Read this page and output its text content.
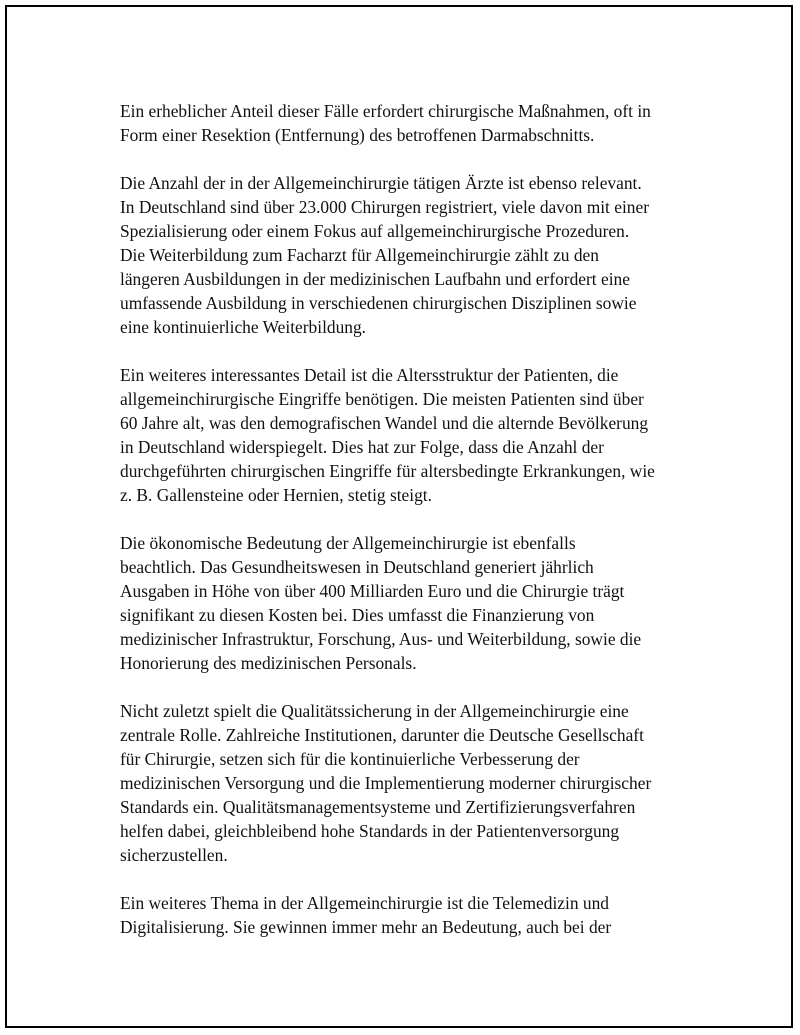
Ein erheblicher Anteil dieser Fälle erfordert chirurgische Maßnahmen, oft in
Form einer Resektion (Entfernung) des betroffenen Darmabschnitts.

Die Anzahl der in der Allgemeinchirurgie tätigen Ärzte ist ebenso relevant.
In Deutschland sind über 23.000 Chirurgen registriert, viele davon mit einer
Spezialisierung oder einem Fokus auf allgemeinchirurgische Prozeduren.
Die Weiterbildung zum Facharzt für Allgemeinchirurgie zählt zu den
längeren Ausbildungen in der medizinischen Laufbahn und erfordert eine
umfassende Ausbildung in verschiedenen chirurgischen Disziplinen sowie
eine kontinuierliche Weiterbildung.

Ein weiteres interessantes Detail ist die Altersstruktur der Patienten, die
allgemeinchirurgische Eingriffe benötigen. Die meisten Patienten sind über
60 Jahre alt, was den demografischen Wandel und die alternde Bevölkerung
in Deutschland widerspiegelt. Dies hat zur Folge, dass die Anzahl der
durchgeführten chirurgischen Eingriffe für altersbedingte Erkrankungen, wie
z. B. Gallensteine oder Hernien, stetig steigt.

Die ökonomische Bedeutung der Allgemeinchirurgie ist ebenfalls
beachtlich. Das Gesundheitswesen in Deutschland generiert jährlich
Ausgaben in Höhe von über 400 Milliarden Euro und die Chirurgie trägt
signifikant zu diesen Kosten bei. Dies umfasst die Finanzierung von
medizinischer Infrastruktur, Forschung, Aus- und Weiterbildung, sowie die
Honorierung des medizinischen Personals.

Nicht zuletzt spielt die Qualitätssicherung in der Allgemeinchirurgie eine
zentrale Rolle. Zahlreiche Institutionen, darunter die Deutsche Gesellschaft
für Chirurgie, setzen sich für die kontinuierliche Verbesserung der
medizinischen Versorgung und die Implementierung moderner chirurgischer
Standards ein. Qualitätsmanagementsysteme und Zertifizierungsverfahren
helfen dabei, gleichbleibend hohe Standards in der Patientenversorgung
sicherzustellen.

Ein weiteres Thema in der Allgemeinchirurgie ist die Telemedizin und
Digitalisierung. Sie gewinnen immer mehr an Bedeutung, auch bei der
